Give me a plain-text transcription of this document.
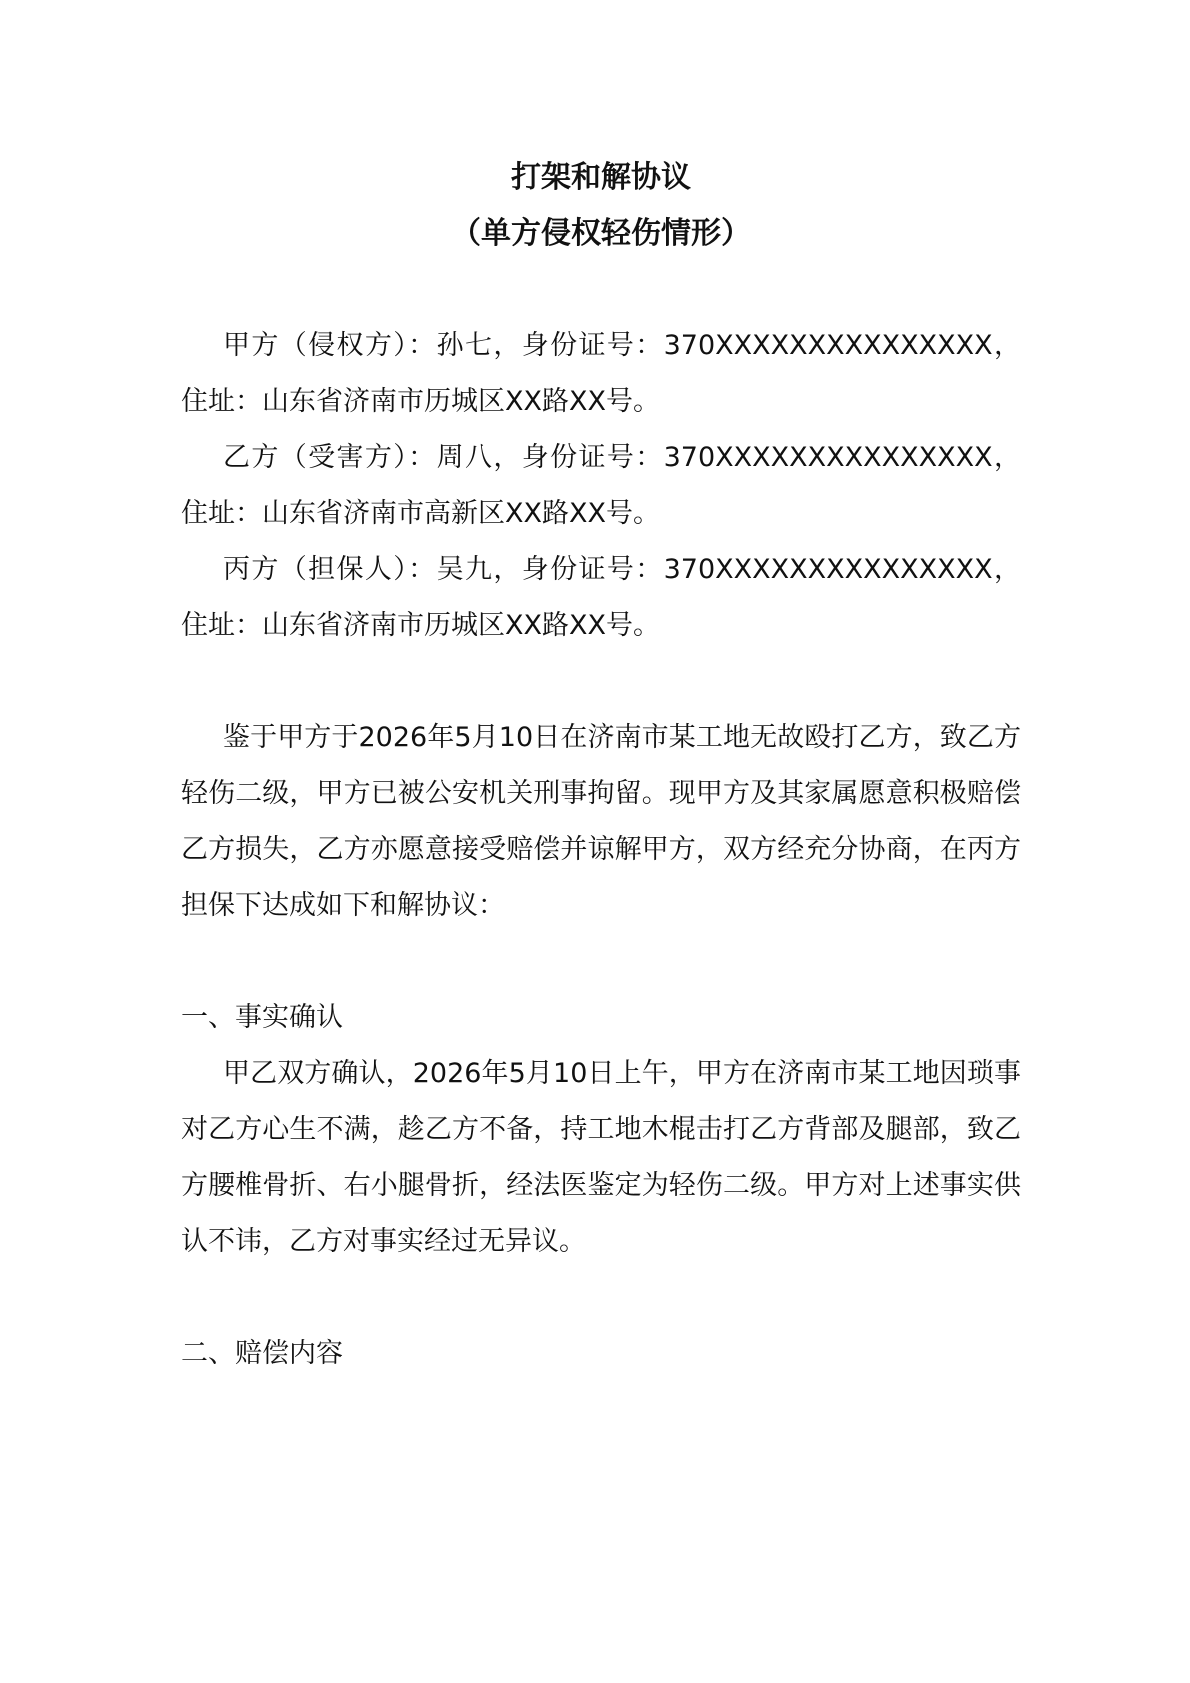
打架和解协议
（单方侵权轻伤情形）

甲方（侵权方）：孙七，身份证号：370XXXXXXXXXXXXXXX，住址：山东省济南市历城区XX路XX号。

乙方（受害方）：周八，身份证号：370XXXXXXXXXXXXXXX，住址：山东省济南市高新区XX路XX号。

丙方（担保人）：吴九，身份证号：370XXXXXXXXXXXXXXX，住址：山东省济南市历城区XX路XX号。

鉴于甲方于2026年5月10日在济南市某工地无故殴打乙方，致乙方轻伤二级，甲方已被公安机关刑事拘留。现甲方及其家属愿意积极赔偿乙方损失，乙方亦愿意接受赔偿并谅解甲方，双方经充分协商，在丙方担保下达成如下和解协议：

一、事实确认

甲乙双方确认，2026年5月10日上午，甲方在济南市某工地因琐事对乙方心生不满，趁乙方不备，持工地木棍击打乙方背部及腿部，致乙方腰椎骨折、右小腿骨折，经法医鉴定为轻伤二级。甲方对上述事实供认不讳，乙方对事实经过无异议。

二、赔偿内容
